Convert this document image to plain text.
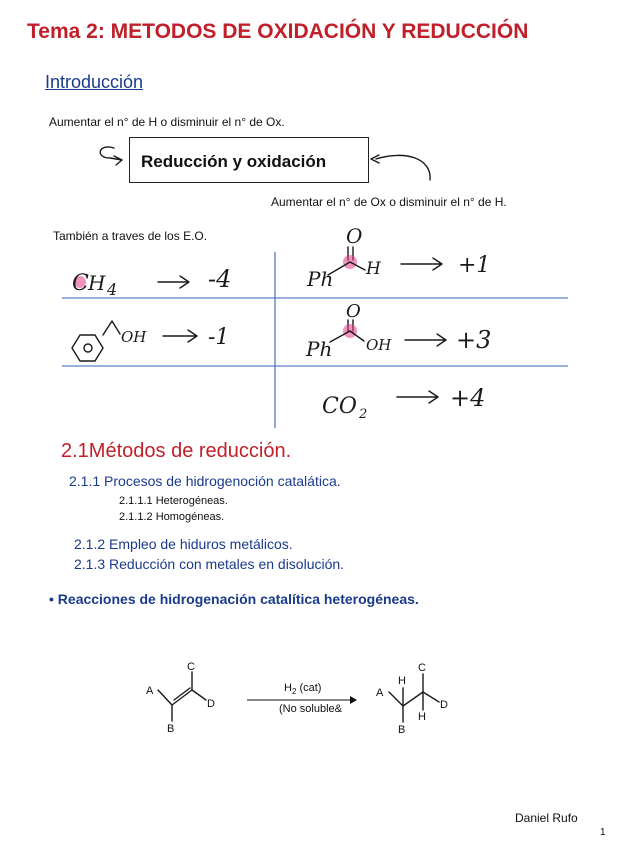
Tema 2: METODOS DE OXIDACIÓN Y REDUCCIÓN
Introducción
Aumentar el n° de H o disminuir el n° de Ox.
Reducción y oxidación
Aumentar el n° de Ox o disminuir el n° de H.
También a traves de los E.O.
C H 4	-4
O
Ph H	+1
OH	-1
O
Ph OH	+3
CO 2
+4
A
B
C
D
$H_2$ (cat)
(No soluble&
A
B
C
D
H
H
2.1Métodos de reducción.
2.1.1 Procesos de hidrogenoción catalática.
2.1.1.1 Heterogéneas.
2.1.1.2 Homogéneas.
2.1.2 Empleo de hiduros metálicos.
2.1.3 Reducción con metales en disolución.
• Reacciones de hidrogenación catalítica heterogéneas.
Daniel Rufo
1
